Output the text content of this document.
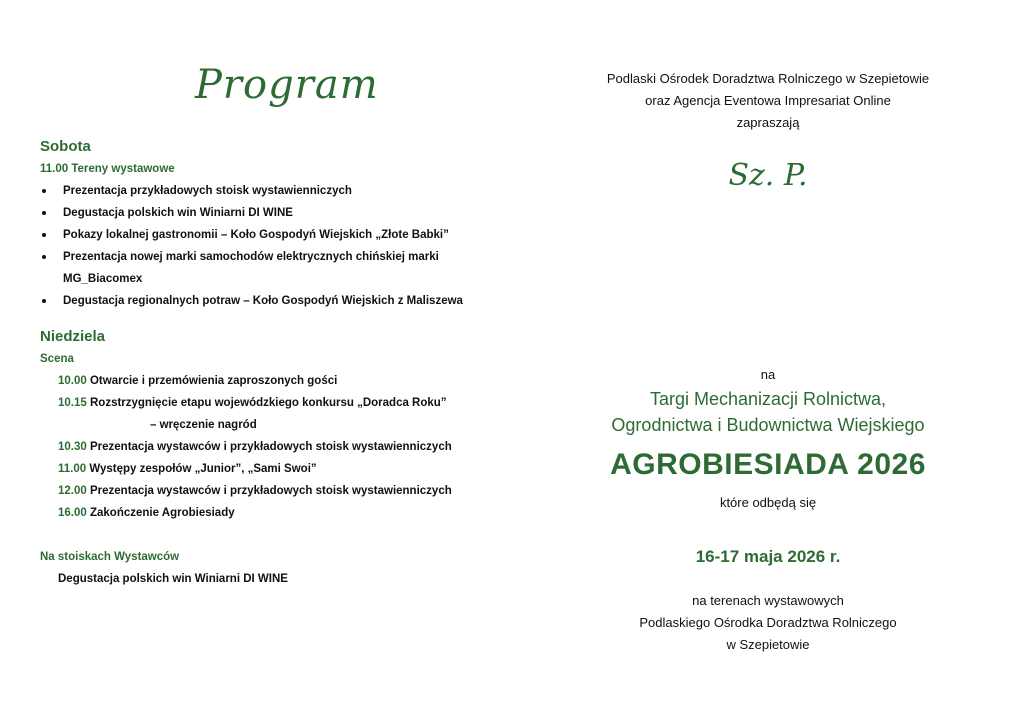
Program
Sobota
11.00 Tereny wystawowe
Prezentacja przykładowych stoisk wystawienniczych
Degustacja polskich win Winiarni DI WINE
Pokazy lokalnej gastronomii – Koło Gospodyń Wiejskich „Złote Babki”
Prezentacja nowej marki samochodów elektrycznych chińskiej marki MG_Biacomex
Degustacja regionalnych potraw – Koło Gospodyń Wiejskich z Maliszewa
Niedziela
Scena
10.00 Otwarcie i przemówienia zaproszonych gości
10.15 Rozstrzygnięcie etapu wojewódzkiego konkursu „Doradca Roku”
– wręczenie nagród
10.30 Prezentacja wystawców i przykładowych stoisk wystawienniczych
11.00 Występy zespołów „Junior”, „Sami Swoi”
12.00 Prezentacja wystawców i przykładowych stoisk wystawienniczych
16.00 Zakończenie Agrobiesiady
Na stoiskach Wystawców
Degustacja polskich win Winiarni DI WINE
Podlaski Ośrodek Doradztwa Rolniczego w Szepietowie
oraz Agencja Eventowa Impresariat Online
zapraszają
Sz. P.
na
Targi Mechanizacji Rolnictwa,
Ogrodnictwa i Budownictwa Wiejskiego
AGROBIESIADA 2026
które odbędą się
16-17 maja 2026 r.
na terenach wystawowych
Podlaskiego Ośrodka Doradztwa Rolniczego
w Szepietowie
